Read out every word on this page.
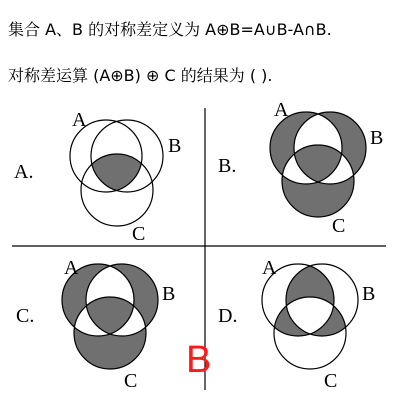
集合 A、B 的对称差定义为 A⊕B=A∪B-A∩B.
对称差运算 (A⊕B) ⊕ C 的结果为 ( ).
A.	B.
C.	D.
A
B
C
A
B
C
A
B
C
A
B
C
B
